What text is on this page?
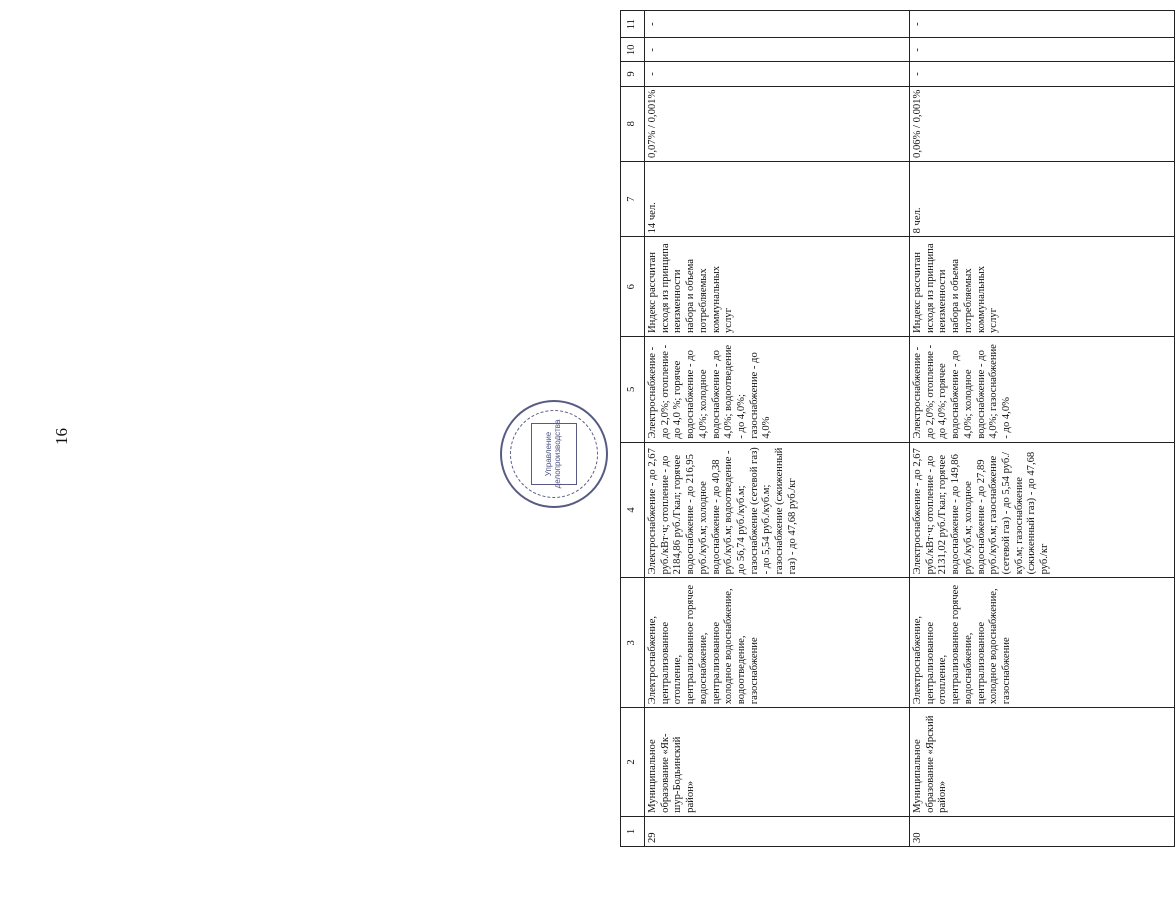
16
1	2	3	4	5	6	7	8	9	10	11
29	Муниципальное образование «Як-шур-Бодьинский район»	Электроснабжение, централизованное отопление, централизованное горячее водоснабжение, централизованное холодное водоснабжение, водоотведение, газоснабжение	Электроснабжение - до 2,67 руб./кВт·ч; отопление - до 2184,86 руб./Гкал; горячее водоснабжение - до 216,95 руб./куб.м; холодное водоснабжение - до 40,38 руб./куб.м; водоотведение - до 56,74 руб./куб.м; газоснабжение (сетевой газ) - до 5,54 руб./куб.м; газоснабжение (сжиженный газ) - до 47,68 руб./кг	Электроснабжение - до 2,0%; отопление - до 4,0 %; горячее водоснабжение - до 4,0%; холодное водоснабжение - до 4,0%; водоотведение - до 4,0%; газоснабжение - до 4,0%	Индекс рассчитан исходя из принципа неизменности набора и объема потребляемых коммунальных услуг	14 чел.	0,07% / 0,001%	-	-	-
30	Муниципальное образование «Ярский район»	Электроснабжение, централизованное отопление, централизованное горячее водоснабжение, централизованное холодное водоснабжение, газоснабжение	Электроснабжение - до 2,67 руб./кВт·ч; отопление - до 2131,02 руб./Гкал; горячее водоснабжение - до 149,86 руб./куб.м; холодное водоснабжение - до 27,89 руб./куб.м; газоснабжение (сетевой газ) - до 5,54 руб./куб.м; газоснабжение (сжиженный газ) - до 47,68 руб./кг	Электроснабжение - до 2,0%; отопление - до 4,0%; горячее водоснабжение - до 4,0%; холодное водоснабжение - до 4,0%; газоснабжение - до 4,0%	Индекс рассчитан исходя из принципа неизменности набора и объема потребляемых коммунальных услуг	8 чел.	0,06% / 0,001%	-	-	-
Управление делопроизводства
